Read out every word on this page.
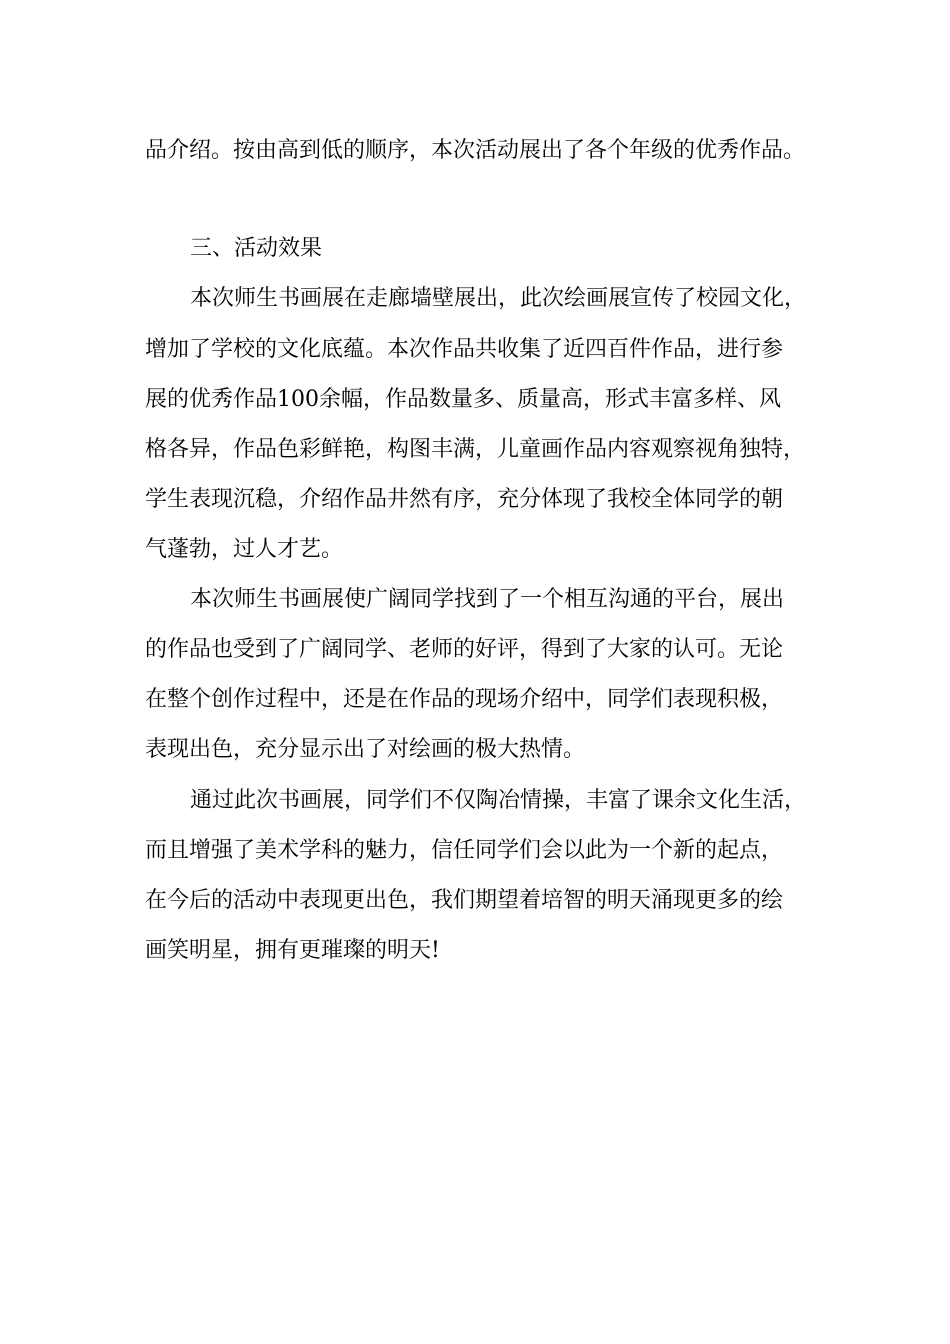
品介绍。按由高到低的顺序，本次活动展出了各个年级的优秀作品。

三、活动效果

本次师生书画展在走廊墙壁展出，此次绘画展宣传了校园文化，

增加了学校的文化底蕴。本次作品共收集了近四百件作品，进行参

展的优秀作品100余幅，作品数量多、质量高，形式丰富多样、风

格各异，作品色彩鲜艳，构图丰满，儿童画作品内容观察视角独特，

学生表现沉稳，介绍作品井然有序，充分体现了我校全体同学的朝

气蓬勃，过人才艺。

本次师生书画展使广阔同学找到了一个相互沟通的平台，展出

的作品也受到了广阔同学、老师的好评，得到了大家的认可。无论

在整个创作过程中，还是在作品的现场介绍中，同学们表现积极，

表现出色，充分显示出了对绘画的极大热情。

通过此次书画展，同学们不仅陶冶情操，丰富了课余文化生活，

而且增强了美术学科的魅力，信任同学们会以此为一个新的起点，

在今后的活动中表现更出色，我们期望着培智的明天涌现更多的绘

画笑明星，拥有更璀璨的明天!
